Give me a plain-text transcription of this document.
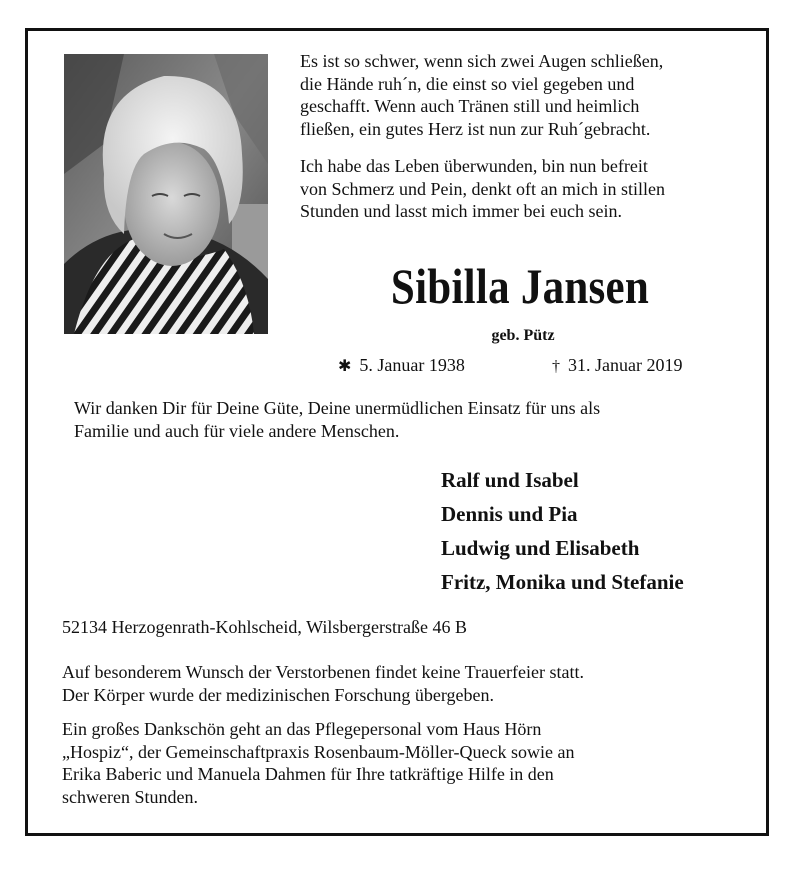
Es ist so schwer, wenn sich zwei Augen schließen,
die Hände ruh´n, die einst so viel gegeben und
geschafft. Wenn auch Tränen still und heimlich
fließen, ein gutes Herz ist nun zur Ruh´gebracht.

Ich habe das Leben überwunden, bin nun befreit
von Schmerz und Pein, denkt oft an mich in stillen
Stunden und lasst mich immer bei euch sein.

Sibilla Jansen
geb. Pütz
✱ 5. Januar 1938	† 31. Januar 2019
Wir danken Dir für Deine Güte, Deine unermüdlichen Einsatz für uns als
Familie und auch für viele andere Menschen.
Ralf und Isabel
Dennis und Pia
Ludwig und Elisabeth
Fritz, Monika und Stefanie
52134 Herzogenrath-Kohlscheid, Wilsbergerstraße 46 B
Auf besonderem Wunsch der Verstorbenen findet keine Trauerfeier statt.
Der Körper wurde der medizinischen Forschung übergeben.
Ein großes Dankschön geht an das Pflegepersonal vom Haus Hörn
„Hospiz“, der Gemeinschaftpraxis Rosenbaum-Möller-Queck sowie an
Erika Baberic und Manuela Dahmen für Ihre tatkräftige Hilfe in den
schweren Stunden.
